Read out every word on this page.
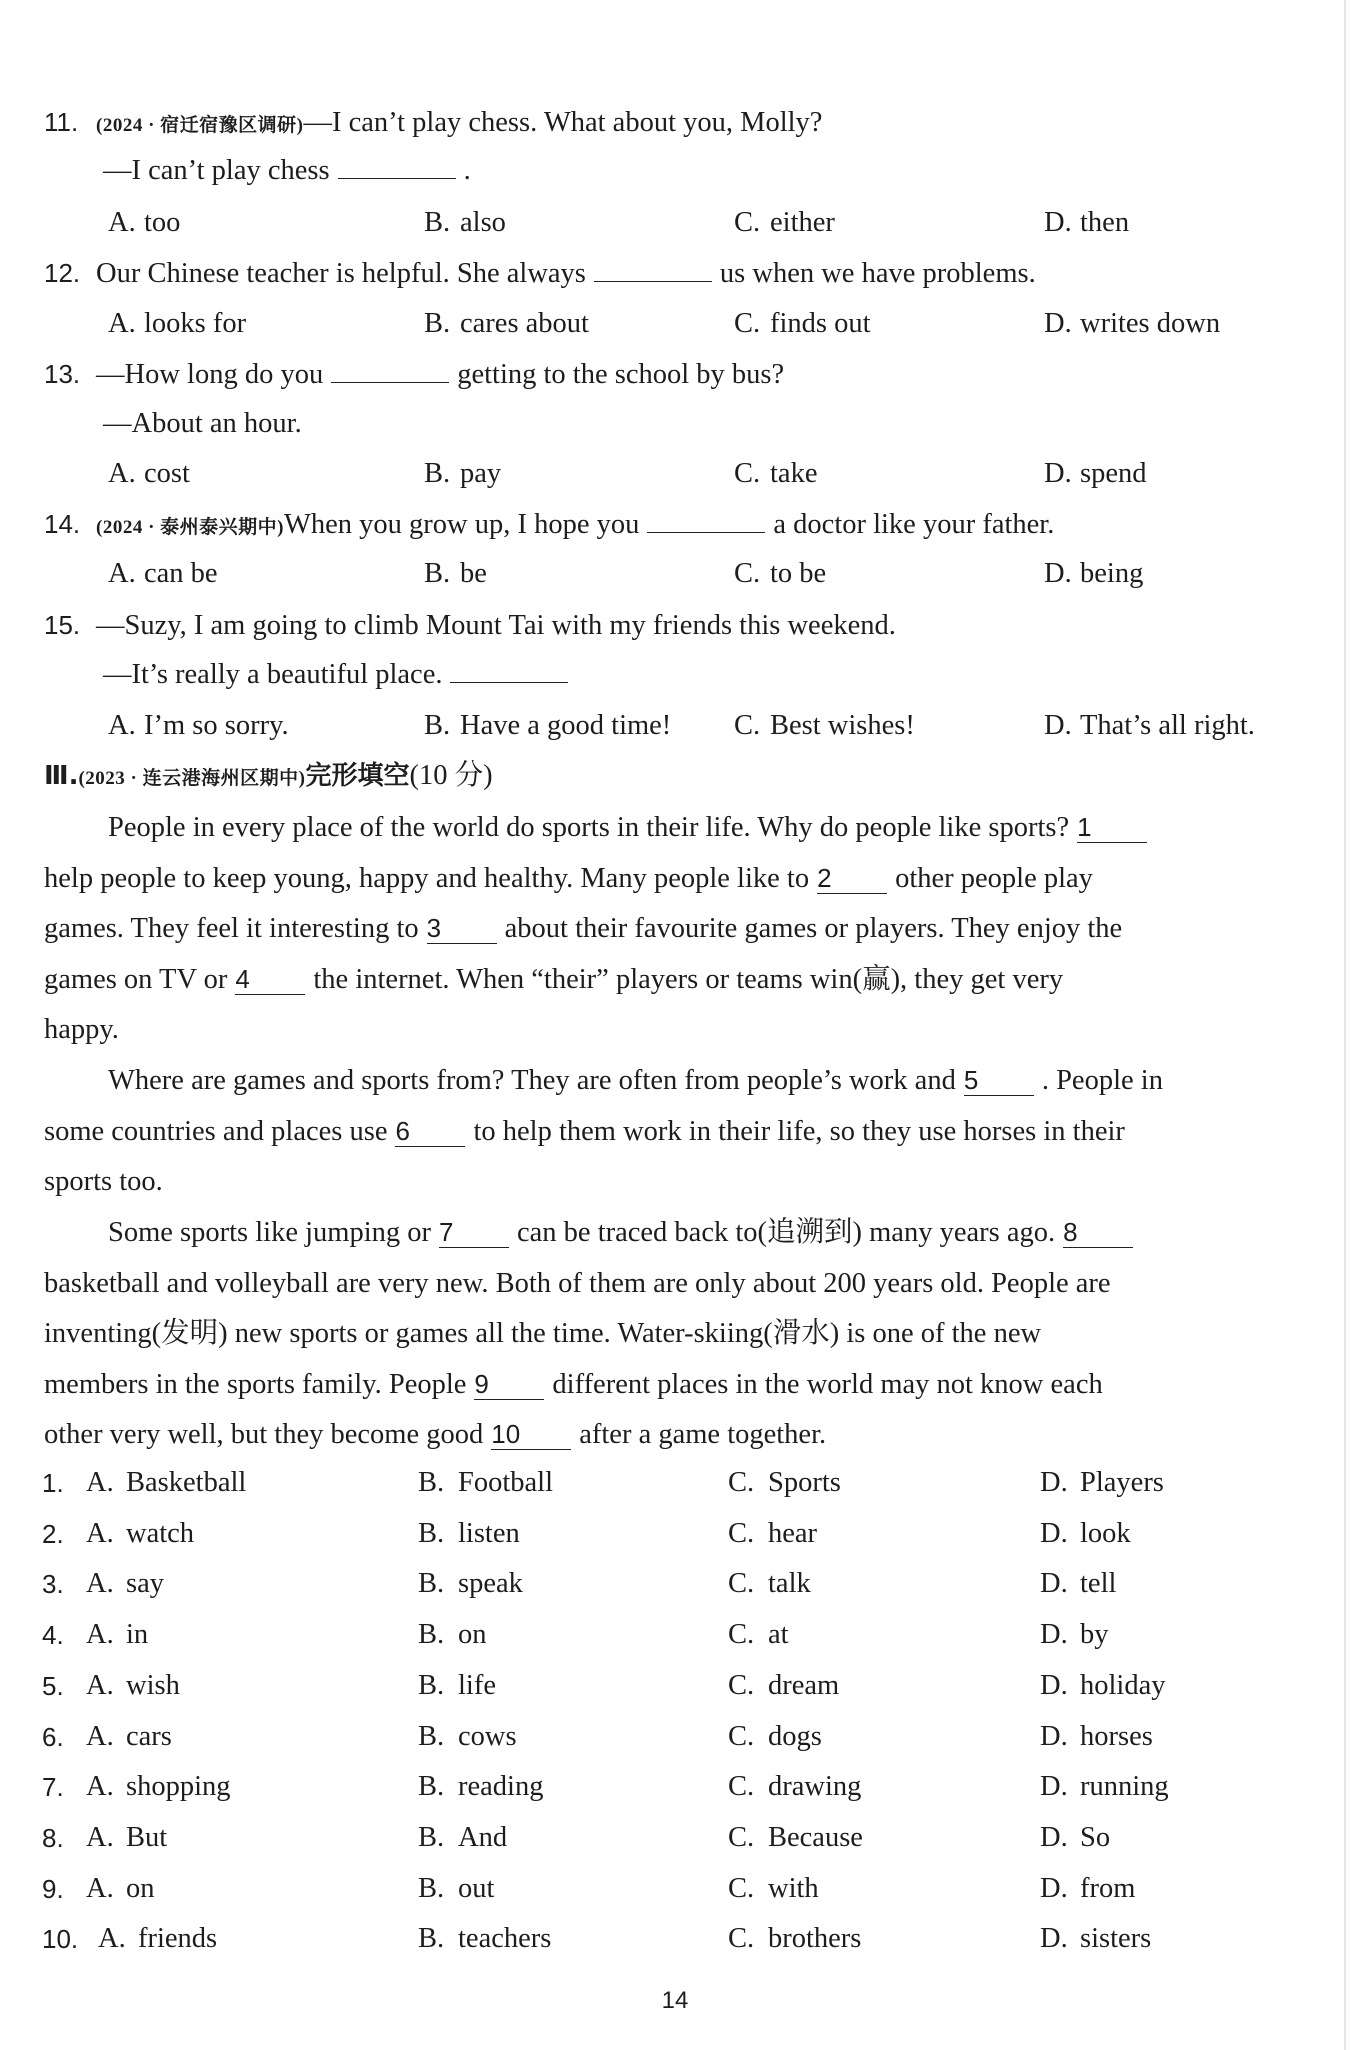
11. (2024 · 宿迁宿豫区调研)—I can’t play chess. What about you, Molly?
—I can’t play chess	.
A. too	B. also	C. either	D. then
12. Our Chinese teacher is helpful. She always	us when we have problems.
A. looks for	B. cares about	C. finds out	D. writes down
13. —How long do you	getting to the school by bus?
—About an hour.
A. cost	B. pay	C. take	D. spend
14. (2024 · 泰州泰兴期中)When you grow up, I hope you	a doctor like your father.
A. can be	B. be	C. to be	D. being
15. —Suzy, I am going to climb Mount Tai with my friends this weekend.
—It’s really a beautiful place.
A. I’m so sorry.	B. Have a good time! C. Best wishes!	D. That’s all right.
Ⅲ.(2023 · 连云港海州区期中)完形填空(10 分)
People in every place of the world do sports in their life. Why do people like sports? 1
help people to keep young, happy and healthy. Many people like to 2 other people play
games. They feel it interesting to 3 about their favourite games or players. They enjoy the
games on TV or 4 the internet. When “their” players or teams win(赢), they get very
happy.
Where are games and sports from? They are often from people’s work and 5 . People in
some countries and places use 6 to help them work in their life, so they use horses in their
sports too.
Some sports like jumping or 7 can be traced back to(追溯到) many years ago. 8
basketball and volleyball are very new. Both of them are only about 200 years old. People are
inventing(发明) new sports or games all the time. Water-skiing(滑水) is one of the new
members in the sports family. People 9 different places in the world may not know each
other very well, but they become good 10 after a game together.
1. A. Basketball	B. Football	C. Sports	D. Players
2. A. watch	B. listen	C. hear	D. look
3. A. say	B. speak	C. talk	D. tell
4. A. in	B. on	C. at	D. by
5. A. wish	B. life	C. dream	D. holiday
6. A. cars	B. cows	C. dogs	D. horses
7. A. shopping	B. reading	C. drawing	D. running
8. A. But	B. And	C. Because	D. So
9. A. on	B. out	C. with	D. from
10. A. friends	B. teachers	C. brothers	D. sisters
14
